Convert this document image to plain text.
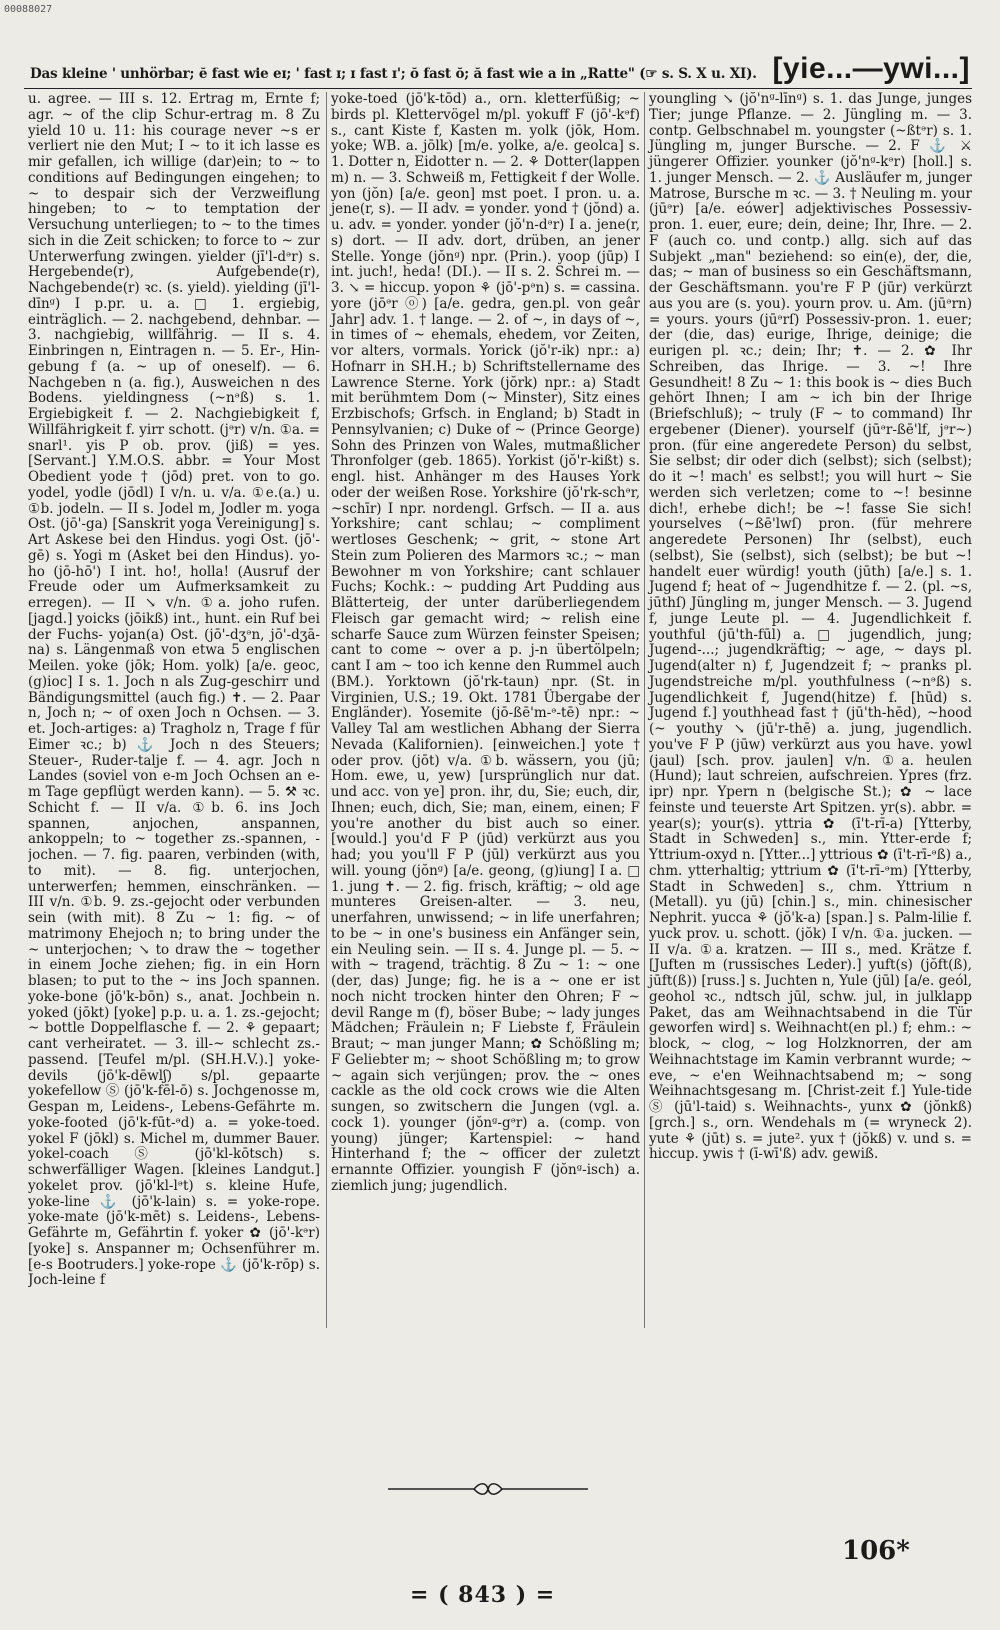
00088027
Das kleine ' unhörbar; ĕ fast wie eɪ; ' fast ɪ; ɪ fast ɪ'; ŏ fast ŏ; ă fast wie a in „Ratte" (☞ s. S. X u. XI). [yie...—ywi...]
u. agree. — III s. 12. Ertrag m, Ernte f; agr. ~ of the clip Schur-ertrag m. 8 Zu yield 10 u. 11: his courage never ~s er verliert nie den Mut; I ~ to it ich lasse es mir gefallen, ich willige (dar)ein; to ~ to conditions auf Bedingungen eingehen; to ~ to despair sich der Verzweiflung hingeben; to ~ to temptation der Versuchung unterliegen; to ~ to the times sich in die Zeit schicken; to force to ~ zur Unterwerfung zwingen. yielder (jī'l-dᵊr) s. Hergebende(r), Aufgebende(r), Nachgebende(r) ꝛc. (s. yield). yielding (jī'l-dīnᵍ) I p.pr. u. a. □ 1. ergiebig, einträglich. — 2. nachgebend, dehnbar. — 3. nachgiebig, willfährig. — II s. 4. Einbringen n, Eintragen n. — 5. Er-, Hin-gebung f (a. ~ up of oneself). — 6. Nachgeben n (a. fig.), Ausweichen n des Bodens. yieldingness (~nᵊß) s. 1. Ergiebigkeit f. — 2. Nachgiebigkeit f, Willfährigkeit f. yirr schott. (jᵊr) v/n. ①a. = snarl¹. yis P ob. prov. (jiß) = yes. [Servant.] Y.M.O.S. abbr. = Your Most Obedient yode † (jōd) pret. von to go. yodel, yodle (jōdl) I v/n. u. v/a. ①e.(a.) u. ①b. jodeln. — II s. Jodel m, Jodler m. yoga Ost. (jō'-ga) [Sanskrit yoga Vereinigung] s. Art Askese bei den Hindus. yogi Ost. (jō'-gē) s. Yogi m (Asket bei den Hindus). yo-ho (jō-hō') I int. ho!, holla! (Ausruf der Freude oder um Aufmerksamkeit zu erregen). — II ↘ v/n. ①a. joho rufen. [jagd.] yoicks (jōikß) int., hunt. ein Ruf bei der Fuchs- yojan(a) Ost. (jō'-dʒᵊn, jō'-dʒā-na) s. Längenmaß von etwa 5 englischen Meilen. yoke (jōk; Hom. yolk) [a/e. geoc, (g)ioc] I s. 1. Joch n als Zug-geschirr und Bändigungsmittel (auch fig.) ✝. — 2. Paar n, Joch n; ~ of oxen Joch n Ochsen. — 3. et. Joch-artiges: a) Tragholz n, Trage f für Eimer ꝛc.; b) ⚓ Joch n des Steuers; Steuer-, Ruder-talje f. — 4. agr. Joch n Landes (soviel von e-m Joch Ochsen an e-m Tage gepflügt werden kann). — 5. ⚒ ꝛc. Schicht f. — II v/a. ①b. 6. ins Joch spannen, anjochen, anspannen, ankoppeln; to ~ together zs.-spannen, -jochen. — 7. fig. paaren, verbinden (with, to mit). — 8. fig. unterjochen, unterwerfen; hemmen, einschränken. — III v/n. ①b. 9. zs.-gejocht oder verbunden sein (with mit). 8 Zu ~ 1: fig. ~ of matrimony Ehejoch n; to bring under the ~ unterjochen; ↘ to draw the ~ together in einem Joche ziehen; fig. in ein Horn blasen; to put to the ~ ins Joch spannen. yoke-bone (jō'k-bōn) s., anat. Jochbein n. yoked (jōkt) [yoke] p.p. u. a. 1. zs.-gejocht; ~ bottle Doppelflasche f. — 2. ⚘ gepaart; cant verheiratet. — 3. ill-~ schlecht zs.-passend. [Teufel m/pl. (SH.H.V.).] yoke-devils (jō'k-dēwlʃ) s/pl. gepaarte yokefellow Ⓢ (jō'k-fēl-ō) s. Jochgenosse m, Gespan m, Leidens-, Lebens-Gefährte m. yoke-footed (jō'k-fūt-ᵊd) a. = yoke-toed. yokel F (jōkl) s. Michel m, dummer Bauer. yokel-coach Ⓢ (jō'kl-kōtsch) s. schwerfälliger Wagen. [kleines Landgut.] yokelet prov. (jō'kl-lᵊt) s. kleine Hufe, yoke-line ⚓ (jō'k-lain) s. = yoke-rope. yoke-mate (jō'k-mēt) s. Leidens-, Lebens-Gefährte m, Gefährtin f. yoker ✿ (jō'-kᵊr) [yoke] s. Anspanner m; Ochsenführer m. [e-s Bootruders.] yoke-rope ⚓ (jō'k-rōp) s. Joch-leine f
yoke-toed (jō'k-tōd) a., orn. kletterfüßig; ~ birds pl. Klettervögel m/pl. yokuff F (jō'-kᵊf) s., cant Kiste f, Kasten m. yolk (jōk, Hom. yoke; WB. a. jōlk) [m/e. yolke, a/e. geolca] s. 1. Dotter n, Eidotter n. — 2. ⚘ Dotter(lappen m) n. — 3. Schweiß m, Fettigkeit f der Wolle. yon (jŏn) [a/e. geon] mst poet. I pron. u. a. jene(r, s). — II adv. = yonder. yond † (jŏnd) a. u. adv. = yonder. yonder (jŏ'n-dᵊr) I a. jene(r, s) dort. — II adv. dort, drüben, an jener Stelle. Yonge (jŏnᵍ) npr. (Prin.). yoop (jūp) I int. juch!, heda! (DI.). — II s. 2. Schrei m. — 3. ↘ = hiccup. yopon ⚘ (jō'-pᵊn) s. = cassina. yore (jōᵊr ⓞ) [a/e. gedra, gen.pl. von geâr Jahr] adv. 1. † lange. — 2. of ~, in days of ~, in times of ~ ehemals, ehedem, vor Zeiten, vor alters, vormals. Yorick (jŏ'r-ik) npr.: a) Hofnarr in SH.H.; b) Schriftstellername des Lawrence Sterne. York (jŏrk) npr.: a) Stadt mit berühmtem Dom (~ Minster), Sitz eines Erzbischofs; Grfsch. in England; b) Stadt in Pennsylvanien; c) Duke of ~ (Prince George) Sohn des Prinzen von Wales, mutmaßlicher Thronfolger (geb. 1865). Yorkist (jŏ'r-kißt) s. engl. hist. Anhänger m des Hauses York oder der weißen Rose. Yorkshire (jŏ'rk-schᵊr, ~schīr) I npr. nordengl. Grfsch. — II a. aus Yorkshire; cant schlau; ~ compliment wertloses Geschenk; ~ grit, ~ stone Art Stein zum Polieren des Marmors ꝛc.; ~ man Bewohner m von Yorkshire; cant schlauer Fuchs; Kochk.: ~ pudding Art Pudding aus Blätterteig, der unter darüberliegendem Fleisch gar gemacht wird; ~ relish eine scharfe Sauce zum Würzen feinster Speisen; cant to come ~ over a p. j-n übertölpeln; cant I am ~ too ich kenne den Rummel auch (BM.). Yorktown (jŏ'rk-taun) npr. (St. in Virginien, U.S.; 19. Okt. 1781 Übergabe der Engländer). Yosemite (jō-ßē'm-ᵊ-tē) npr.: ~ Valley Tal am westlichen Abhang der Sierra Nevada (Kalifornien). [einweichen.] yote † oder prov. (jōt) v/a. ①b. wässern, you (jū; Hom. ewe, u, yew) [ursprünglich nur dat. und acc. von ye] pron. ihr, du, Sie; euch, dir, Ihnen; euch, dich, Sie; man, einem, einen; F you're another du bist auch so einer. [would.] you'd F P (jūd) verkürzt aus you had; you you'll F P (jūl) verkürzt aus you will. young (jŏnᵍ) [a/e. geong, (g)iung] I a. □ 1. jung ✝. — 2. fig. frisch, kräftig; ~ old age munteres Greisen-alter. — 3. neu, unerfahren, unwissend; ~ in life unerfahren; to be ~ in one's business ein Anfänger sein, ein Neuling sein. — II s. 4. Junge pl. — 5. ~ with ~ tragend, trächtig. 8 Zu ~ 1: ~ one (der, das) Junge; fig. he is a ~ one er ist noch nicht trocken hinter den Ohren; F ~ devil Range m (f), böser Bube; ~ lady junges Mädchen; Fräulein n; F Liebste f, Fräulein Braut; ~ man junger Mann; ✿ Schößling m; F Geliebter m; ~ shoot Schößling m; to grow ~ again sich verjüngen; prov. the ~ ones cackle as the old cock crows wie die Alten sungen, so zwitschern die Jungen (vgl. a. cock 1). younger (jŏnᵍ-gᵊr) a. (comp. von young) jünger; Kartenspiel: ~ hand Hinterhand f; the ~ officer der zuletzt ernannte Offizier. youngish F (jŏnᵍ-isch) a. ziemlich jung; jugendlich.
youngling ↘ (jŏ'nᵍ-līnᵍ) s. 1. das Junge, junges Tier; junge Pflanze. — 2. Jüngling m. — 3. contp. Gelbschnabel m. youngster (~ßtᵊr) s. 1. Jüngling m, junger Bursche. — 2. F ⚓ ⚔ jüngerer Offizier. younker (jŏ'nᵍ-kᵊr) [holl.] s. 1. junger Mensch. — 2. ⚓ Ausläufer m, junger Matrose, Bursche m ꝛc. — 3. † Neuling m. your (jūᵊr) [a/e. eówer] adjektivisches Possessiv-pron. 1. euer, eure; dein, deine; Ihr, Ihre. — 2. F (auch co. und contp.) allg. sich auf das Subjekt „man" beziehend: so ein(e), der, die, das; ~ man of business so ein Geschäftsmann, der Geschäftsmann. you're F P (jūr) verkürzt aus you are (s. you). yourn prov. u. Am. (jūᵊrn) = yours. yours (jūᵊrſ) Possessiv-pron. 1. euer; der (die, das) eurige, Ihrige, deinige; die eurigen pl. ꝛc.; dein; Ihr; ✝. — 2. ✿ Ihr Schreiben, das Ihrige. — 3. ~! Ihre Gesundheit! 8 Zu ~ 1: this book is ~ dies Buch gehört Ihnen; I am ~ ich bin der Ihrige (Briefschluß); ~ truly (F ~ to command) Ihr ergebener (Diener). yourself (jūᵊr-ßē'lf, jᵊr~) pron. (für eine angeredete Person) du selbst, Sie selbst; dir oder dich (selbst); sich (selbst); do it ~! mach' es selbst!; you will hurt ~ Sie werden sich verletzen; come to ~! besinne dich!, erhebe dich!; be ~! fasse Sie sich! yourselves (~ßē'lwſ) pron. (für mehrere angeredete Personen) Ihr (selbst), euch (selbst), Sie (selbst), sich (selbst); be but ~! handelt euer würdig! youth (jūth) [a/e.] s. 1. Jugend f; heat of ~ Jugendhitze f. — 2. (pl. ~s, jūthſ) Jüngling m, junger Mensch. — 3. Jugend f, junge Leute pl. — 4. Jugendlichkeit f. youthful (jū'th-fūl) a. □ jugendlich, jung; Jugend-...; jugendkräftig; ~ age, ~ days pl. Jugend(alter n) f, Jugendzeit f; ~ pranks pl. Jugendstreiche m/pl. youthfulness (~nᵊß) s. Jugendlichkeit f, Jugend(hitze) f. [hūd) s. Jugend f.] youthhead fast † (jū'th-hēd), ~hood (~ youthy ↘ (jū'r-thē) a. jung, jugendlich. you've F P (jūw) verkürzt aus you have. yowl (jaul) [sch. prov. jaulen] v/n. ①a. heulen (Hund); laut schreien, aufschreien. Ypres (frz. ipr) npr. Ypern n (belgische St.); ✿ ~ lace feinste und teuerste Art Spitzen. yr(s). abbr. = year(s); your(s). yttria ✿ (ī't-rī-a) [Ytterby, Stadt in Schweden] s., min. Ytter-erde f; Yttrium-oxyd n. [Ytter...] yttrious ✿ (ī't-rī-ᵊß) a., chm. ytterhaltig; yttrium ✿ (ī't-rī-ᵊm) [Ytterby, Stadt in Schweden] s., chm. Yttrium n (Metall). yu (jū) [chin.] s., min. chinesischer Nephrit. yucca ⚘ (jŏ'k-a) [span.] s. Palm-lilie f. yuck prov. u. schott. (jŏk) I v/n. ①a. jucken. — II v/a. ①a. kratzen. — III s., med. Krätze f. [Juften m (russisches Leder).] yuft(s) (jŏft(ß), jūft(ß)) [russ.] s. Juchten n, Yule (jūl) [a/e. geól, geohol ꝛc., ndtsch jūl, schw. jul, in julklapp Paket, das am Weihnachtsabend in die Tür geworfen wird] s. Weihnacht(en pl.) f; ehm.: ~ block, ~ clog, ~ log Holzknorren, der am Weihnachtstage im Kamin verbrannt wurde; ~ eve, ~ e'en Weihnachtsabend m; ~ song Weihnachtsgesang m. [Christ-zeit f.] Yule-tide Ⓢ (jū'l-taid) s. Weihnachts-, yunx ✿ (jŏnkß) [grch.] s., orn. Wendehals m (= wryneck 2). yute ⚘ (jūt) s. = jute². yux † (jŏkß) v. und s. = hiccup. ywis † (ī-wī'ß) adv. gewiß.
= ( 843 ) =
106*
